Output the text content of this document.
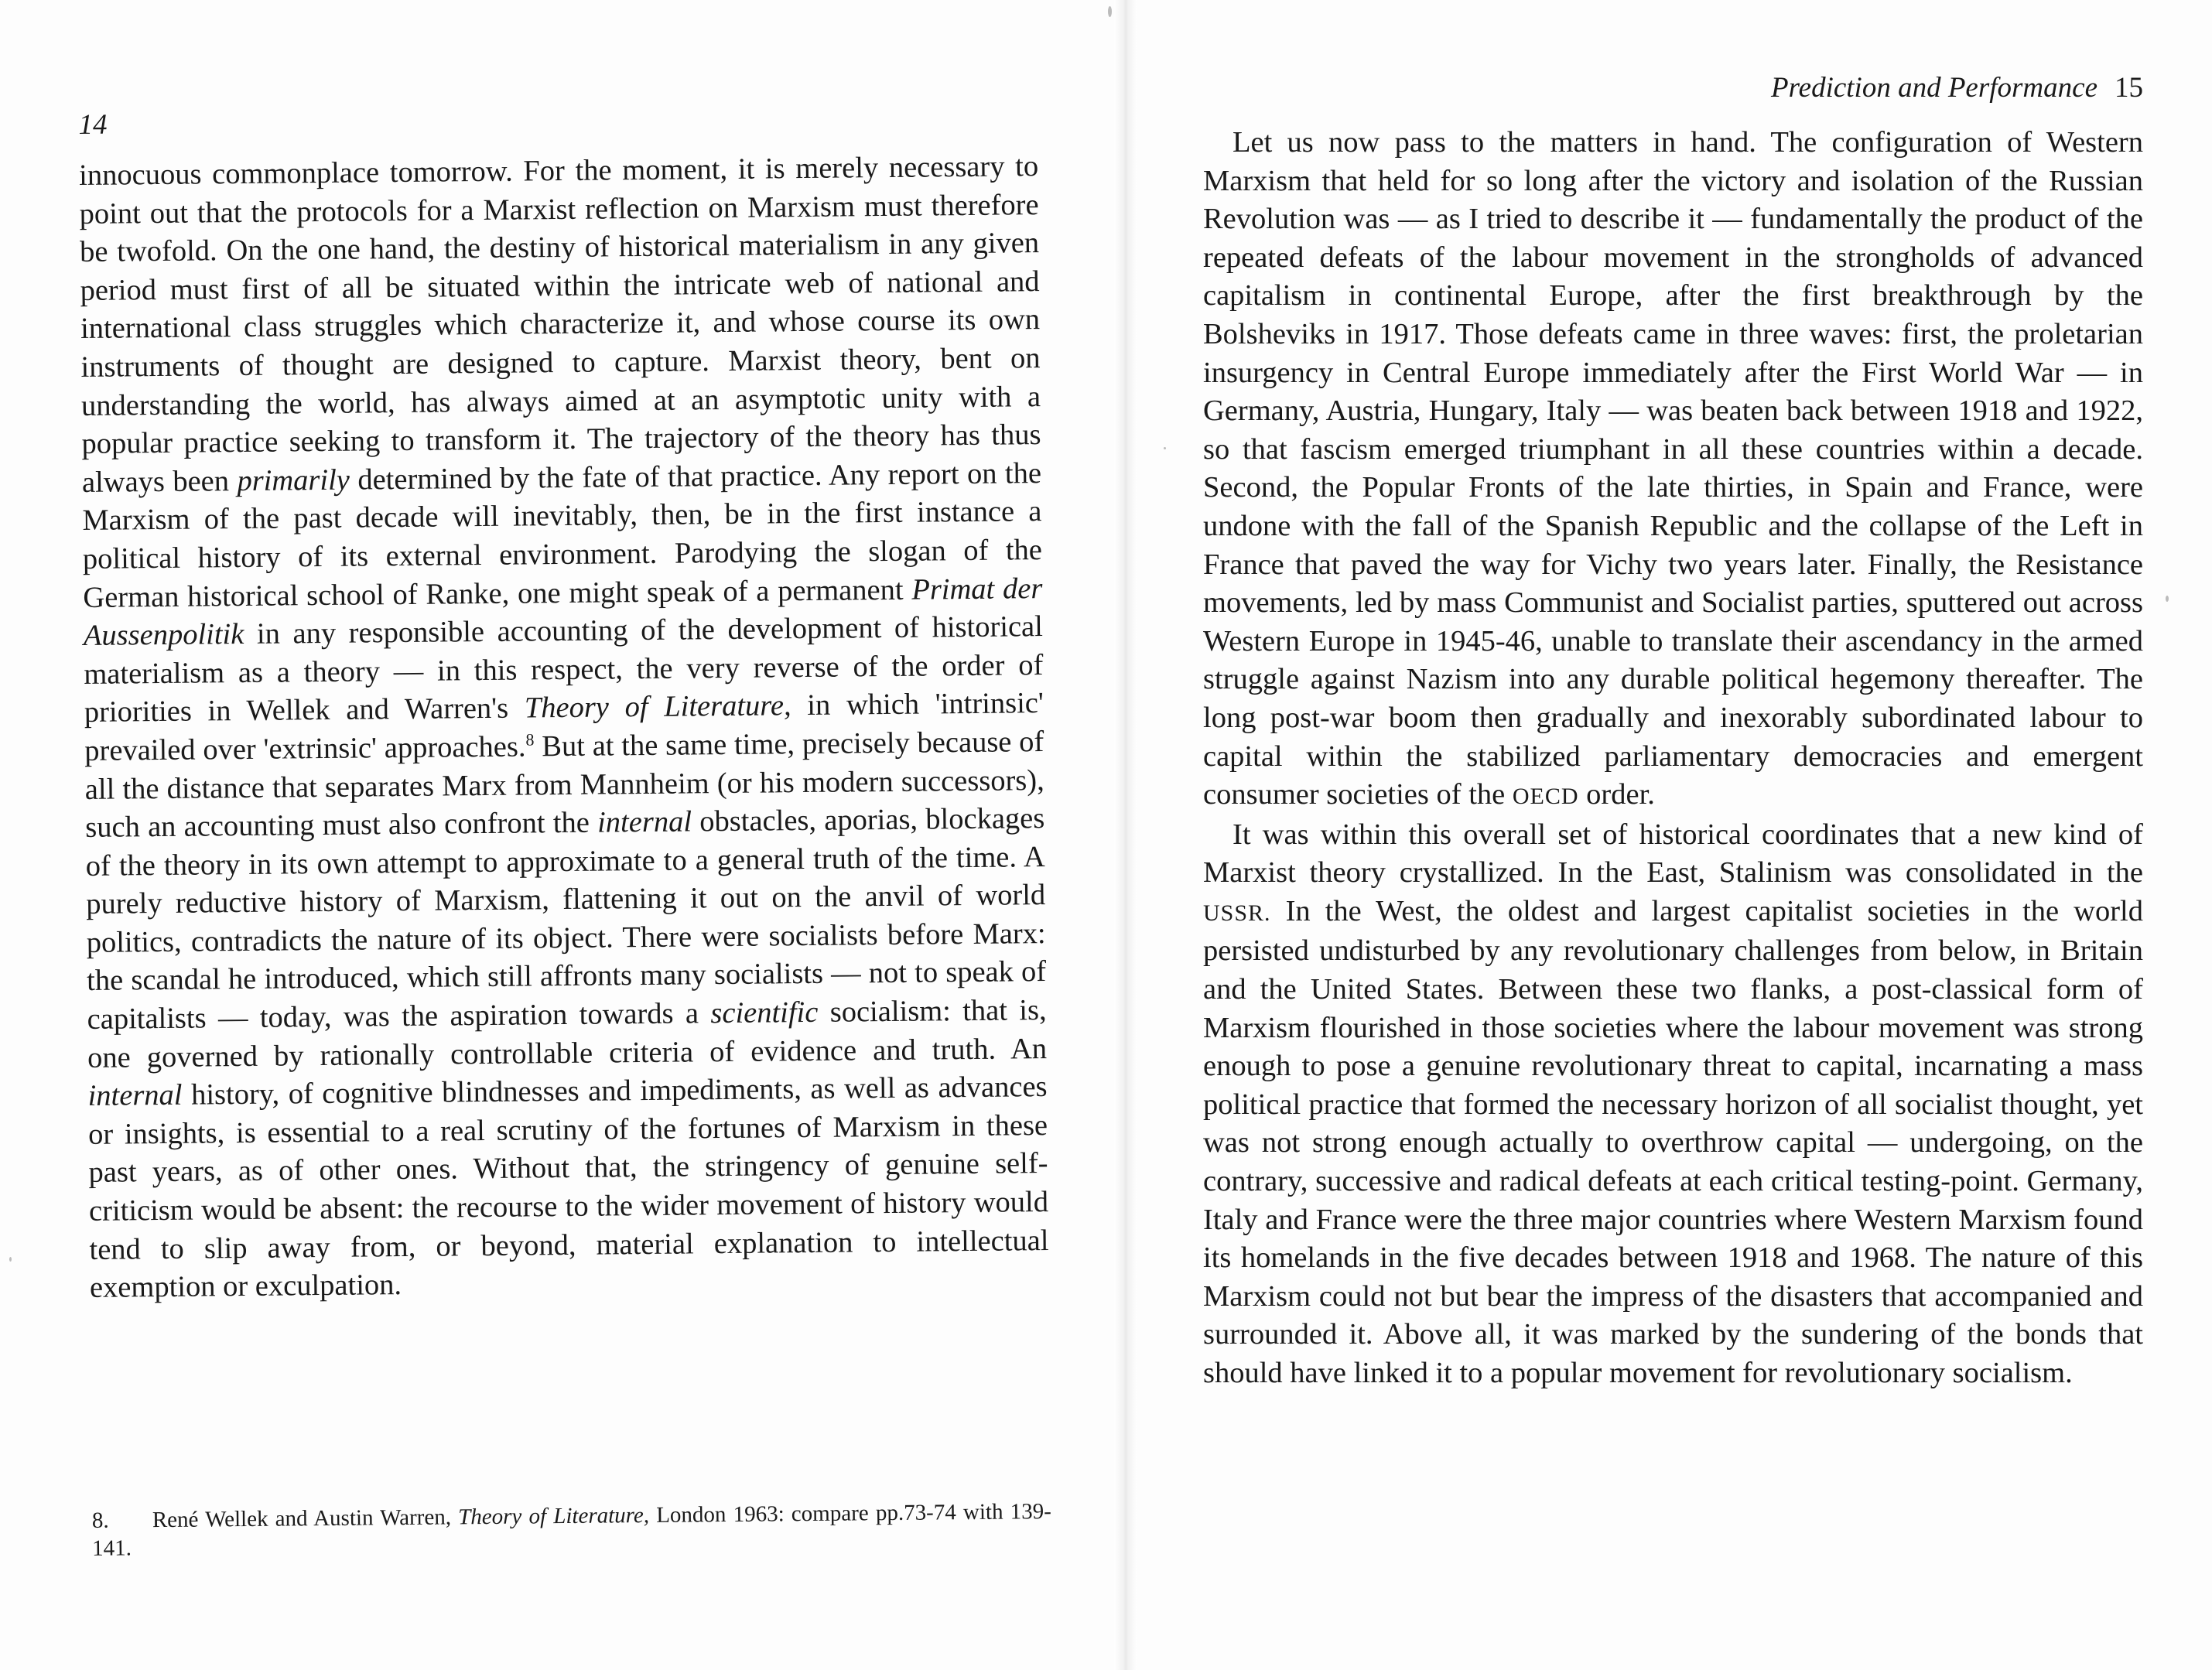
14

innocuous commonplace tomorrow. For the moment, it is merely necessary to point out that the protocols for a Marxist reflection on Marxism must therefore be twofold. On the one hand, the destiny of historical materialism in any given period must first of all be situated within the intricate web of national and international class struggles which characterize it, and whose course its own instruments of thought are designed to capture. Marxist theory, bent on understanding the world, has always aimed at an asymptotic unity with a popular practice seeking to transform it. The trajectory of the theory has thus always been primarily determined by the fate of that practice. Any report on the Marxism of the past decade will inevitably, then, be in the first instance a political history of its external environment. Parodying the slogan of the German historical school of Ranke, one might speak of a permanent Primat der Aussenpolitik in any responsible accounting of the development of historical materialism as a theory — in this respect, the very reverse of the order of priorities in Wellek and Warren's Theory of Literature, in which 'intrinsic' prevailed over 'extrinsic' approaches.$^8$ But at the same time, precisely because of all the distance that separates Marx from Mannheim (or his modern successors), such an accounting must also confront the internal obstacles, aporias, blockages of the theory in its own attempt to approximate to a general truth of the time. A purely reductive history of Marxism, flattening it out on the anvil of world politics, contradicts the nature of its object. There were socialists before Marx: the scandal he introduced, which still affronts many socialists — not to speak of capitalists — today, was the aspiration towards a scientific socialism: that is, one governed by rationally controllable criteria of evidence and truth. An internal history, of cognitive blindnesses and impediments, as well as advances or insights, is essential to a real scrutiny of the fortunes of Marxism in these past years, as of other ones. Without that, the stringency of genuine self-criticism would be absent: the recourse to the wider movement of history would tend to slip away from, or beyond, material explanation to intellectual exemption or exculpation.

8. René Wellek and Austin Warren, Theory of Literature, London 1963: compare pp.73-74 with 139-141.
Prediction and Performance 15

Let us now pass to the matters in hand. The configuration of Western Marxism that held for so long after the victory and isolation of the Russian Revolution was — as I tried to describe it — fundamentally the product of the repeated defeats of the labour movement in the strongholds of advanced capitalism in continental Europe, after the first breakthrough by the Bolsheviks in 1917. Those defeats came in three waves: first, the proletarian insurgency in Central Europe immediately after the First World War — in Germany, Austria, Hungary, Italy — was beaten back between 1918 and 1922, so that fascism emerged triumphant in all these countries within a decade. Second, the Popular Fronts of the late thirties, in Spain and France, were undone with the fall of the Spanish Republic and the collapse of the Left in France that paved the way for Vichy two years later. Finally, the Resistance movements, led by mass Communist and Socialist parties, sputtered out across Western Europe in 1945-46, unable to translate their ascendancy in the armed struggle against Nazism into any durable political hegemony thereafter. The long post-war boom then gradually and inexorably subordinated labour to capital within the stabilized parliamentary democracies and emergent consumer societies of the OECD order.

It was within this overall set of historical coordinates that a new kind of Marxist theory crystallized. In the East, Stalinism was consolidated in the USSR. In the West, the oldest and largest capitalist societies in the world persisted undisturbed by any revolutionary challenges from below, in Britain and the United States. Between these two flanks, a post-classical form of Marxism flourished in those societies where the labour movement was strong enough to pose a genuine revolutionary threat to capital, incarnating a mass political practice that formed the necessary horizon of all socialist thought, yet was not strong enough actually to overthrow capital — undergoing, on the contrary, successive and radical defeats at each critical testing-point. Germany, Italy and France were the three major countries where Western Marxism found its homelands in the five decades between 1918 and 1968. The nature of this Marxism could not but bear the impress of the disasters that accompanied and surrounded it. Above all, it was marked by the sundering of the bonds that should have linked it to a popular movement for revolutionary socialism.
